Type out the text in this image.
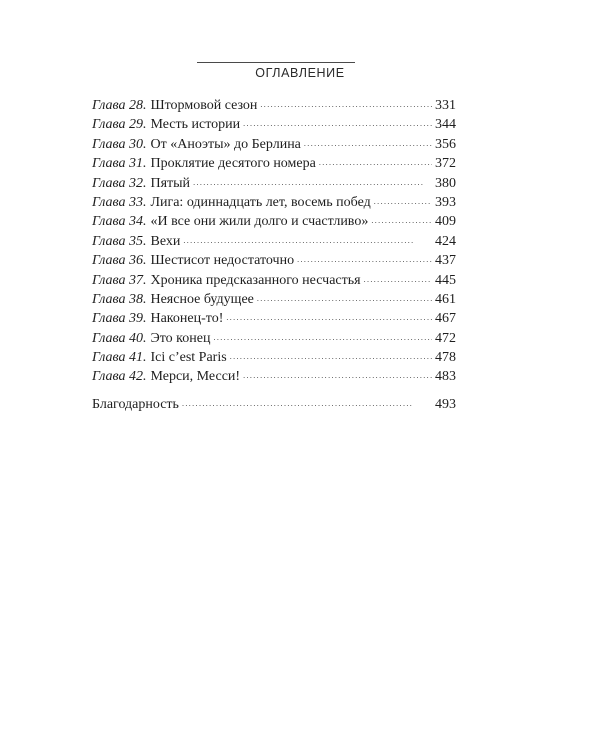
ОГЛАВЛЕНИЕ
Глава 28. Штормовой сезон . . .	331
Глава 29. Месть истории . . .	344
Глава 30. От «Аноэты» до Берлина . . .	356
Глава 31. Проклятие десятого номера . . .	372
Глава 32. Пятый . . .	380
Глава 33. Лига: одиннадцать лет, восемь побед . . .	393
Глава 34. «И все они жили долго и счастливо» . . .	409
Глава 35. Вехи . . .	424
Глава 36. Шестисот недостаточно . . .	437
Глава 37. Хроника предсказанного несчастья . . .	445
Глава 38. Неясное будущее . . .	461
Глава 39. Наконец-то! . . .	467
Глава 40. Это конец . . .	472
Глава 41. Ici c’est Paris . . .	478
Глава 42. Мерси, Месси! . . .	483
Благодарность . . .	493
